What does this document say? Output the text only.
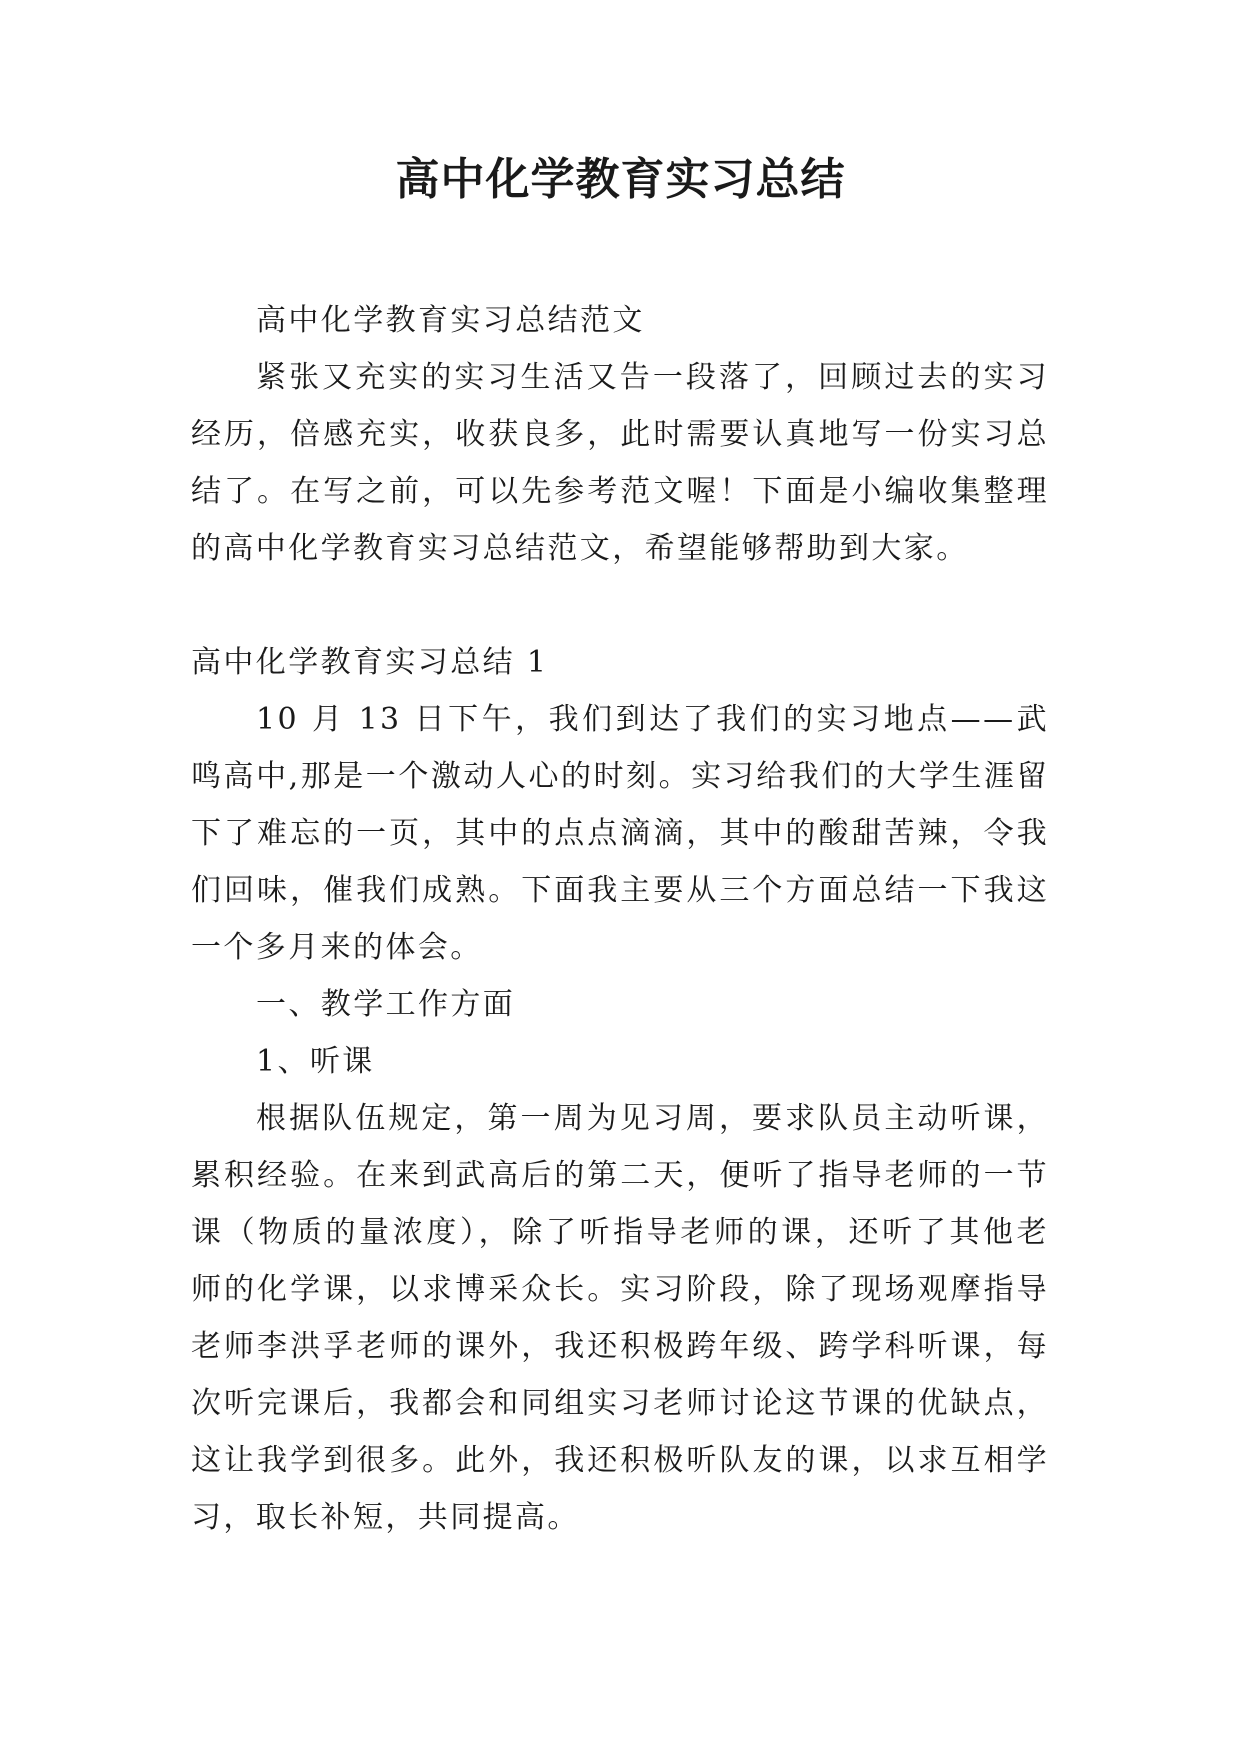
高中化学教育实习总结

高中化学教育实习总结范文

紧张又充实的实习生活又告一段落了，回顾过去的实习经历，倍感充实，收获良多，此时需要认真地写一份实习总结了。在写之前，可以先参考范文喔！下面是小编收集整理的高中化学教育实习总结范文，希望能够帮助到大家。

高中化学教育实习总结 1

10 月 13 日下午，我们到达了我们的实习地点——武鸣高中,那是一个激动人心的时刻。实习给我们的大学生涯留下了难忘的一页，其中的点点滴滴，其中的酸甜苦辣，令我们回味，催我们成熟。下面我主要从三个方面总结一下我这一个多月来的体会。

一、教学工作方面

1、听课

根据队伍规定，第一周为见习周，要求队员主动听课，累积经验。在来到武高后的第二天，便听了指导老师的一节课（物质的量浓度），除了听指导老师的课，还听了其他老师的化学课，以求博采众长。实习阶段，除了现场观摩指导老师李洪孚老师的课外，我还积极跨年级、跨学科听课，每次听完课后，我都会和同组实习老师讨论这节课的优缺点，这让我学到很多。此外，我还积极听队友的课，以求互相学习，取长补短，共同提高。
